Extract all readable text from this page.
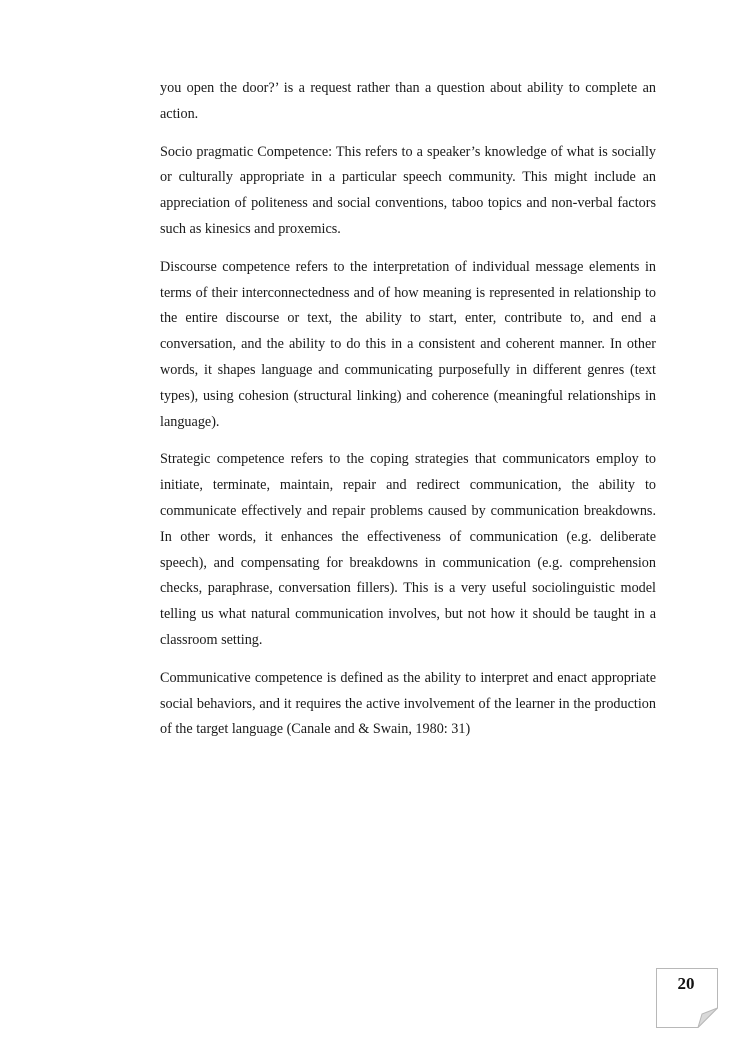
you open the door?’ is a request rather than a question about ability to complete an action.

Socio pragmatic Competence: This refers to a speaker’s knowledge of what is socially or culturally appropriate in a particular speech community. This might include an appreciation of politeness and social conventions, taboo topics and non-verbal factors such as kinesics and proxemics.

Discourse competence refers to the interpretation of individual message elements in terms of their interconnectedness and of how meaning is represented in relationship to the entire discourse or text, the ability to start, enter, contribute to, and end a conversation, and the ability to do this in a consistent and coherent manner. In other words, it shapes language and communicating purposefully in different genres (text types), using cohesion (structural linking) and coherence (meaningful relationships in language).

Strategic competence refers to the coping strategies that communicators employ to initiate, terminate, maintain, repair and redirect communication, the ability to communicate effectively and repair problems caused by communication breakdowns. In other words, it enhances the effectiveness of communication (e.g. deliberate speech), and compensating for breakdowns in communication (e.g. comprehension checks, paraphrase, conversation fillers). This is a very useful sociolinguistic model telling us what natural communication involves, but not how it should be taught in a classroom setting.

Communicative competence is defined as the ability to interpret and enact appropriate social behaviors, and it requires the active involvement of the learner in the production of the target language (Canale and & Swain, 1980: 31)

20
